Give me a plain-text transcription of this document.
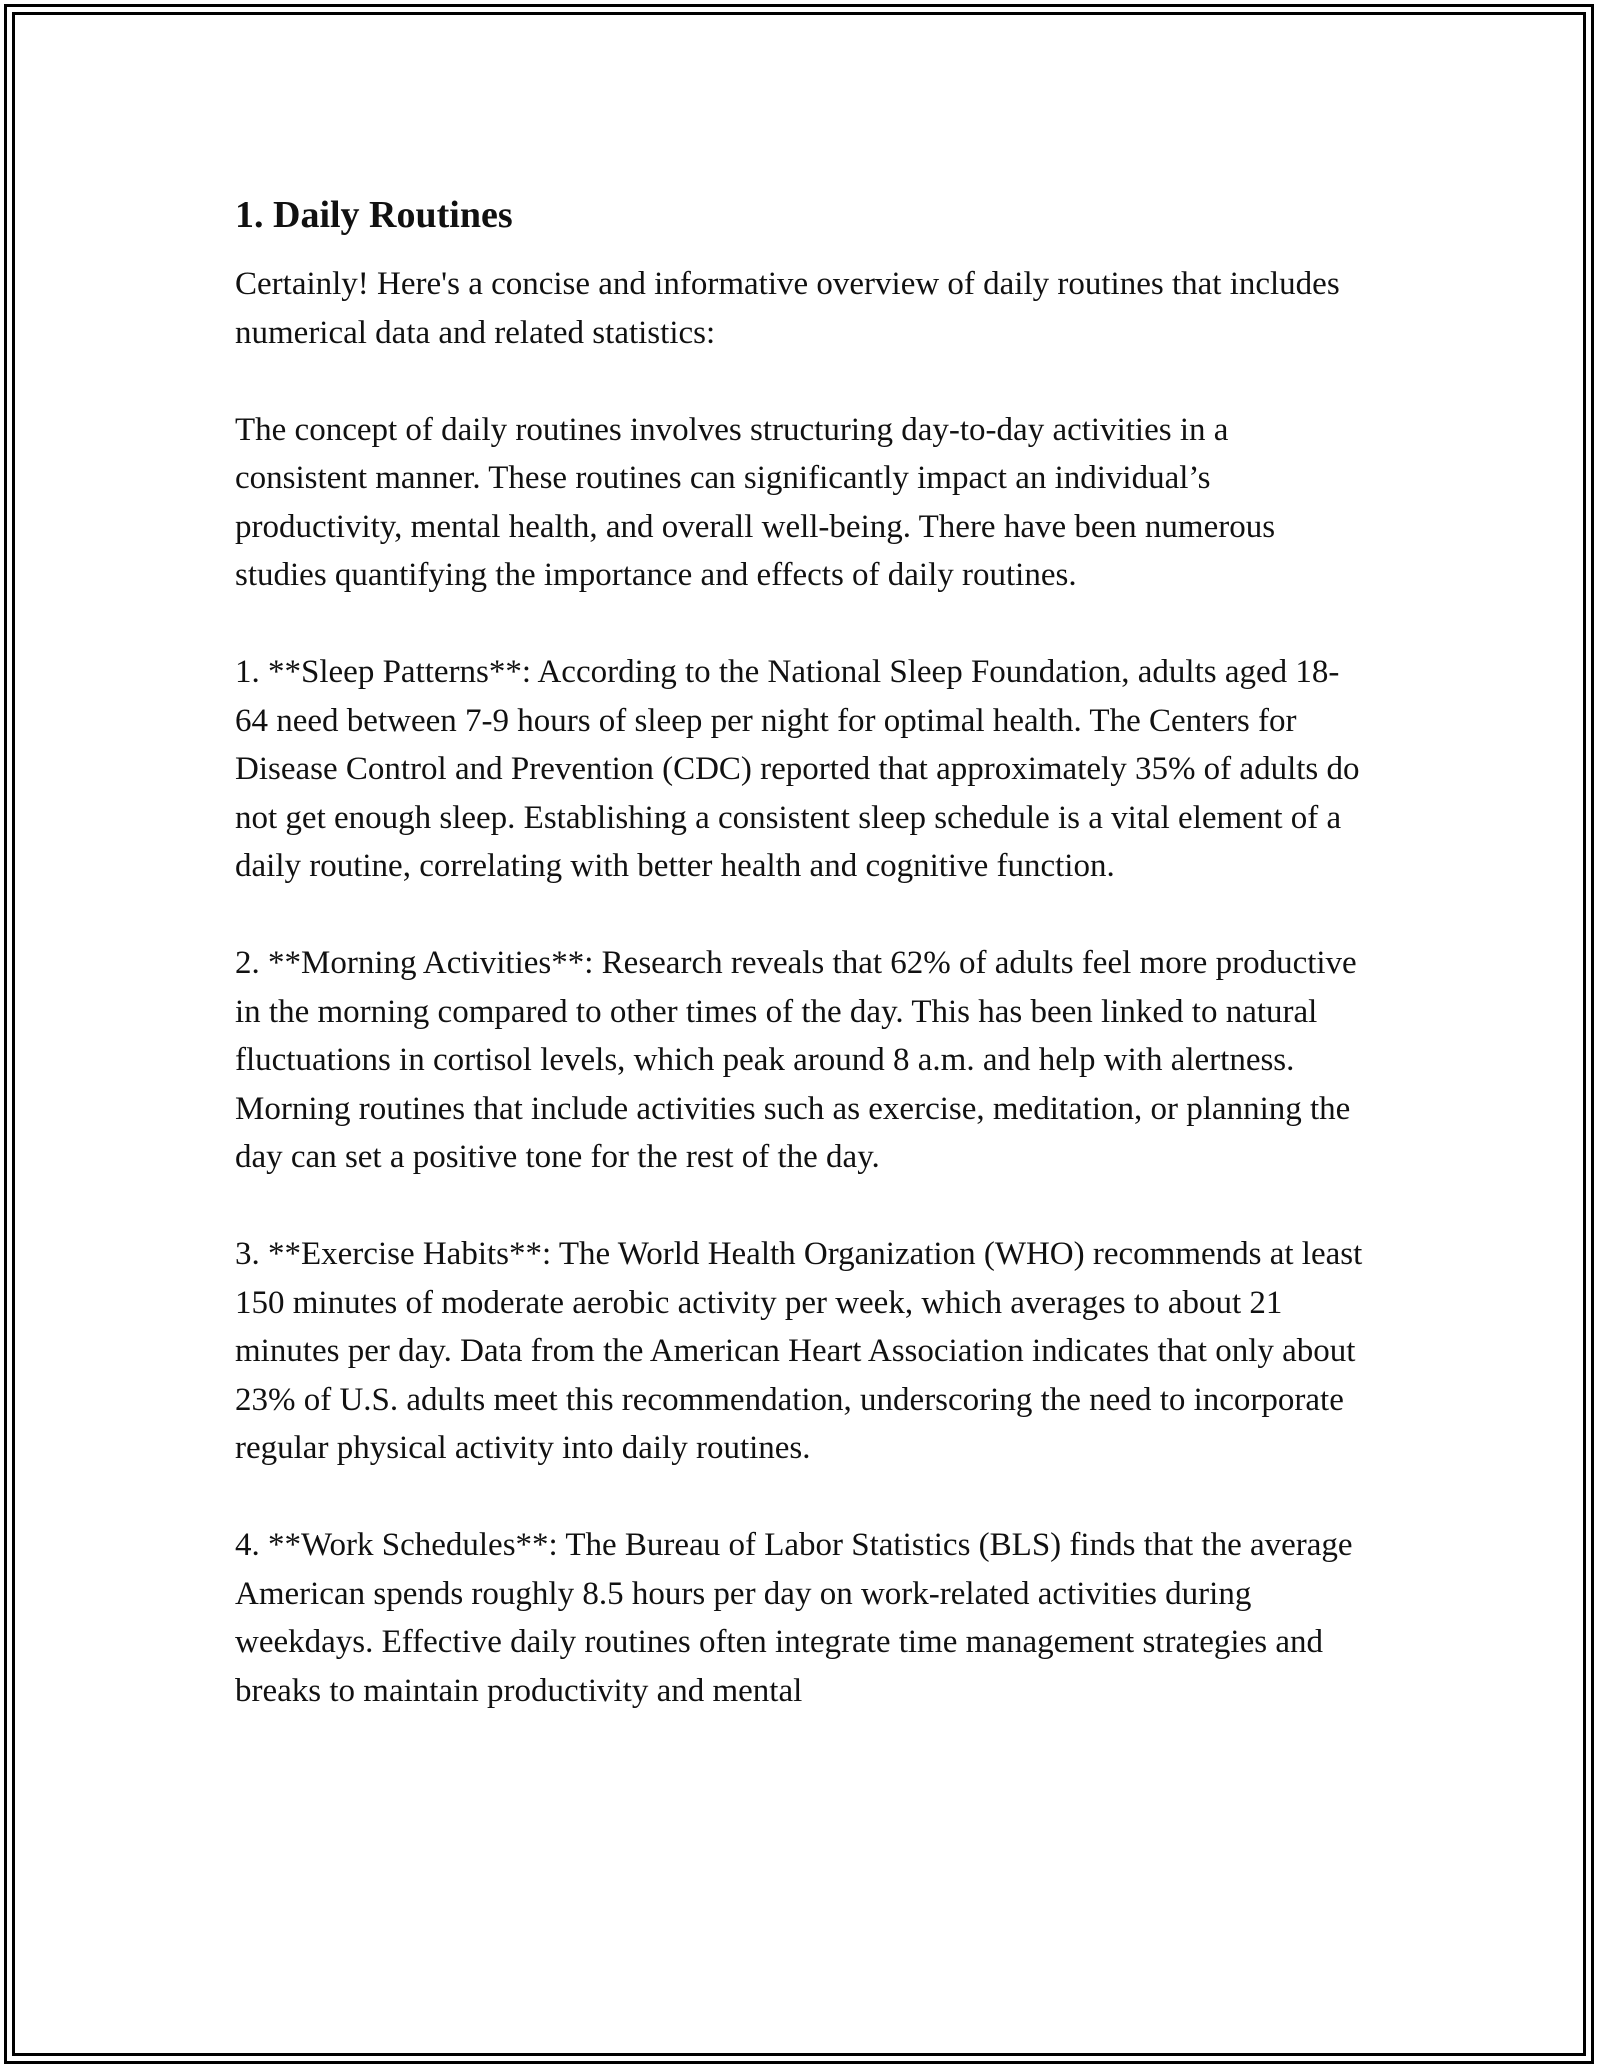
1. Daily Routines

Certainly! Here's a concise and informative overview of daily routines that includes numerical data and related statistics:

The concept of daily routines involves structuring day-to-day activities in a consistent manner. These routines can significantly impact an individual’s productivity, mental health, and overall well-being. There have been numerous studies quantifying the importance and effects of daily routines.

1. **Sleep Patterns**: According to the National Sleep Foundation, adults aged 18-64 need between 7-9 hours of sleep per night for optimal health. The Centers for Disease Control and Prevention (CDC) reported that approximately 35% of adults do not get enough sleep. Establishing a consistent sleep schedule is a vital element of a daily routine, correlating with better health and cognitive function.

2. **Morning Activities**: Research reveals that 62% of adults feel more productive in the morning compared to other times of the day. This has been linked to natural fluctuations in cortisol levels, which peak around 8 a.m. and help with alertness. Morning routines that include activities such as exercise, meditation, or planning the day can set a positive tone for the rest of the day.

3. **Exercise Habits**: The World Health Organization (WHO) recommends at least 150 minutes of moderate aerobic activity per week, which averages to about 21 minutes per day. Data from the American Heart Association indicates that only about 23% of U.S. adults meet this recommendation, underscoring the need to incorporate regular physical activity into daily routines.

4. **Work Schedules**: The Bureau of Labor Statistics (BLS) finds that the average American spends roughly 8.5 hours per day on work-related activities during weekdays. Effective daily routines often integrate time management strategies and breaks to maintain productivity and mental
